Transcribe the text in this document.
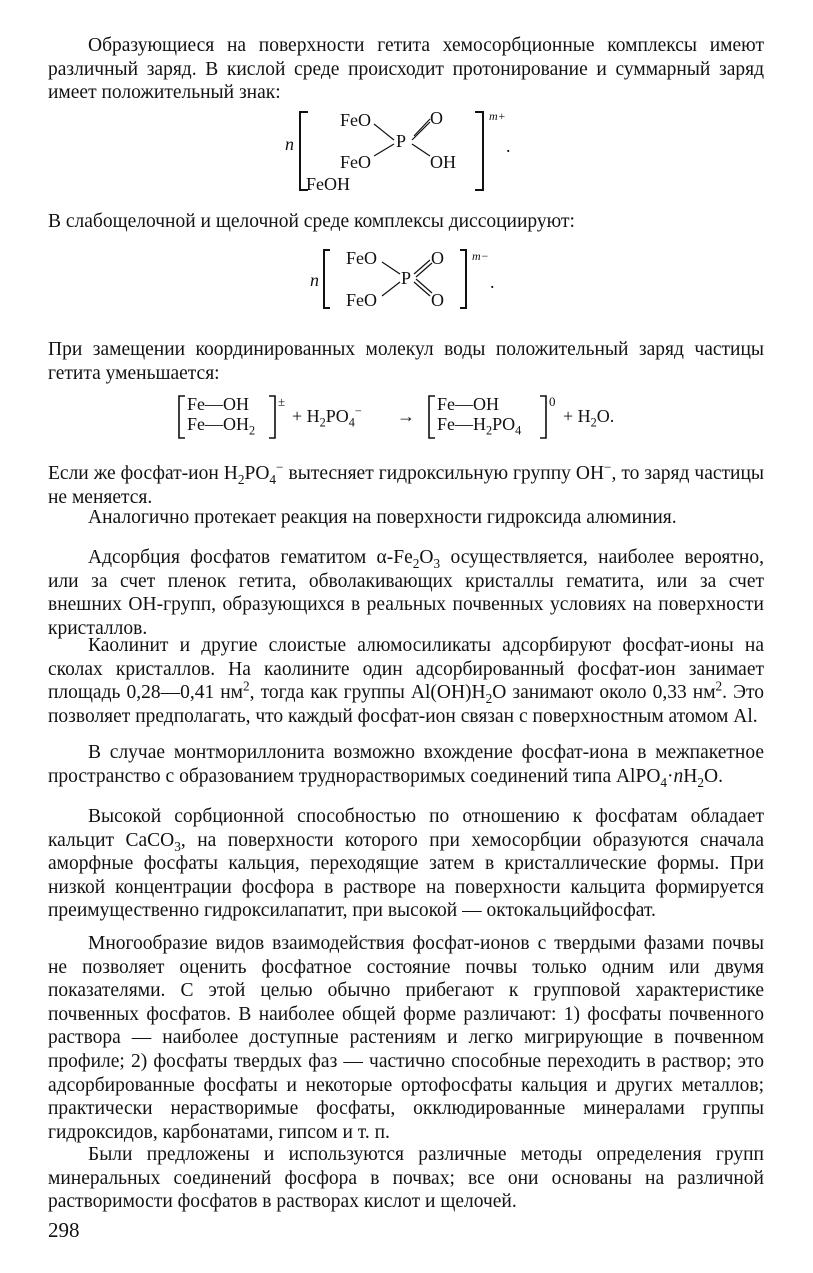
Образующиеся на поверхности гетита хемосорбционные комплексы имеют различный заряд. В кислой среде происходит протонирование и суммарный заряд имеет положительный знак:

n
FeO	O
P
FeO	OH
FeOH
m+
.

В слабощелочной и щелочной среде комплексы диссоциируют:

n
FeO	O
P
FeO	O
m−
.

При замещении координированных молекул воды положительный заряд частицы гетита уменьшается:

Fe—OH
$Fe—OH_2$
±
+ $H_2PO_4^-$ →
Fe—OH
$Fe—H_2PO_4$
0
+ $H_2O$.

Если же фосфат-ион $H_2PO_4^-$ вытесняет гидроксильную группу OH−, то заряд частицы не меняется.

Аналогично протекает реакция на поверхности гидроксида алюминия.

Адсорбция фосфатов гематитом $\alpha-Fe_2O_3$ осуществляется, наиболее вероятно, или за счет пленок гетита, обволакивающих кристаллы гематита, или за счет внешних OH-групп, образующихся в реальных почвенных условиях на поверхности кристаллов.

Каолинит и другие слоистые алюмосиликаты адсорбируют фосфат-ионы на сколах кристаллов. На каолините один адсорбированный фосфат-ион занимает площадь 0,28—0,41 $нм^2$, тогда как группы $Al(OH)H_2O$ занимают около 0,33 $нм^2$. Это позволяет предполагать, что каждый фосфат-ион связан с поверхностным атомом Al.

В случае монтмориллонита возможно вхождение фосфат-иона в межпакетное пространство с образованием труднорастворимых соединений типа $AlPO_4\cdot nH_2O$.

Высокой сорбционной способностью по отношению к фосфатам обладает кальцит CaCO$_3$, на поверхности которого при хемосорбции образуются сначала аморфные фосфаты кальция, переходящие затем в кристаллические формы. При низкой концентрации фосфора в растворе на поверхности кальцита формируется преимущественно гидроксилапатит, при высокой — октокальцийфосфат.

Многообразие видов взаимодействия фосфат-ионов с твердыми фазами почвы не позволяет оценить фосфатное состояние почвы только одним или двумя показателями. С этой целью обычно прибегают к групповой характеристике почвенных фосфатов. В наиболее общей форме различают: 1) фосфаты почвенного раствора — наиболее доступные растениям и легко мигрирующие в почвенном профиле; 2) фосфаты твердых фаз — частично способные переходить в раствор; это адсорбированные фосфаты и некоторые ортофосфаты кальция и других металлов; практически нерастворимые фосфаты, окклюдированные минералами группы гидроксидов, карбонатами, гипсом и т. п.

Были предложены и используются различные методы определения групп минеральных соединений фосфора в почвах; все они основаны на различной растворимости фосфатов в растворах кислот и щелочей.

298
